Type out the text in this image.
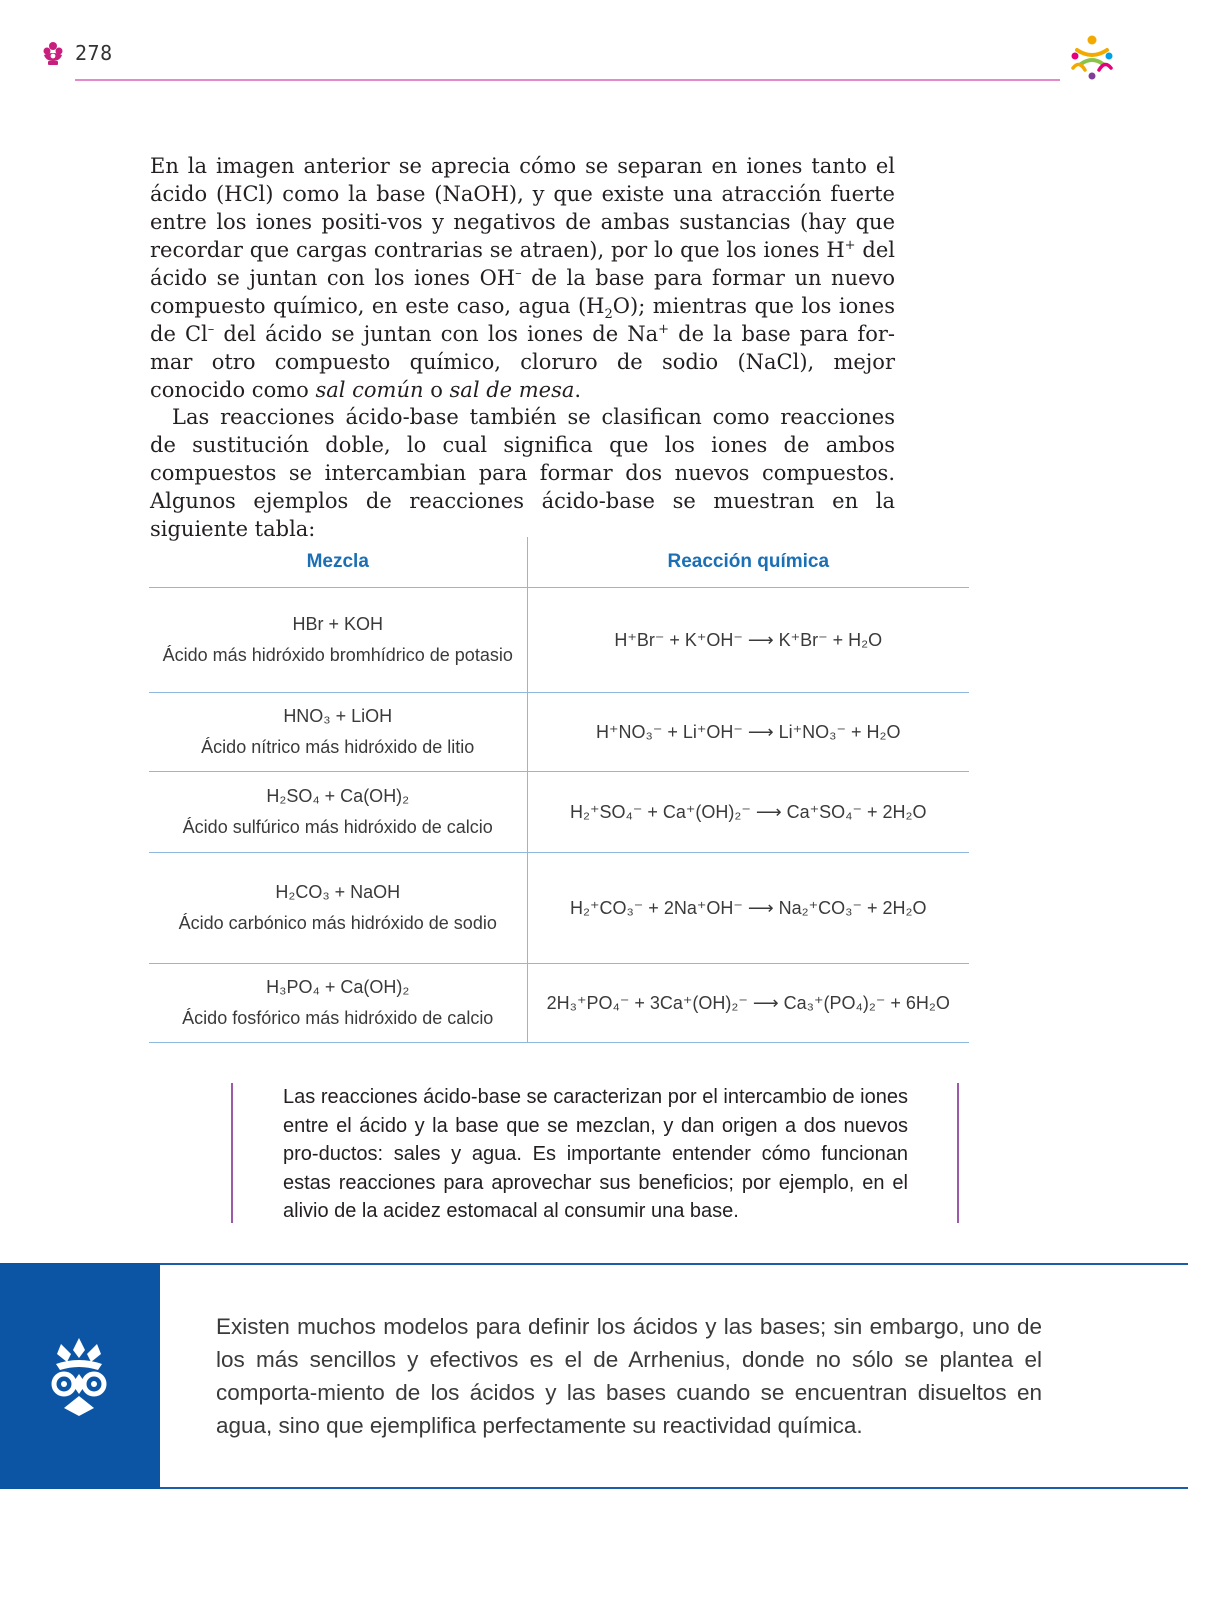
278
En la imagen anterior se aprecia cómo se separan en iones tanto el ácido (HCl) como la base (NaOH), y que existe una atracción fuerte entre los iones positi-vos y negativos de ambas sustancias (hay que recordar que cargas contrarias se atraen), por lo que los iones H+ del ácido se juntan con los iones OH– de la base para formar un nuevo compuesto químico, en este caso, agua $(H_2O)$; mientras que los iones de Cl– del ácido se juntan con los iones de Na+ de la base para for-mar otro compuesto químico, cloruro de sodio (NaCl), mejor conocido como sal común o sal de mesa.
Las reacciones ácido-base también se clasifican como reacciones de sustitución doble, lo cual significa que los iones de ambos compuestos se intercambian para formar dos nuevos compuestos. Algunos ejemplos de reacciones ácido-base se muestran en la siguiente tabla:
Mezcla	Reacción química

HBr + KOH
Ácido más hidróxido bromhídrico de potasio	H⁺Br⁻ + K⁺OH⁻ ⟶ K⁺Br⁻ + H₂O

HNO₃ + LiOH
Ácido nítrico más hidróxido de litio	H⁺NO₃⁻ + Li⁺OH⁻ ⟶ Li⁺NO₃⁻ + H₂O

H₂SO₄ + Ca(OH)₂
Ácido sulfúrico más hidróxido de calcio	H₂⁺SO₄⁻ + Ca⁺(OH)₂⁻ ⟶ Ca⁺SO₄⁻ + 2H₂O

H₂CO₃ + NaOH
Ácido carbónico más hidróxido de sodio	H₂⁺CO₃⁻ + 2Na⁺OH⁻ ⟶ Na₂⁺CO₃⁻ + 2H₂O

H₃PO₄ + Ca(OH)₂
Ácido fosfórico más hidróxido de calcio	2H₃⁺PO₄⁻ + 3Ca⁺(OH)₂⁻ ⟶ Ca₃⁺(PO₄)₂⁻ + 6H₂O
Las reacciones ácido-base se caracterizan por el intercambio de iones entre el ácido y la base que se mezclan, y dan origen a dos nuevos pro-ductos: sales y agua. Es importante entender cómo funcionan estas reacciones para aprovechar sus beneficios; por ejemplo, en el alivio de la acidez estomacal al consumir una base.
Existen muchos modelos para definir los ácidos y las bases; sin embargo, uno de los más sencillos y efectivos es el de Arrhenius, donde no sólo se plantea el comporta-miento de los ácidos y las bases cuando se encuentran disueltos en agua, sino que ejemplifica perfectamente su reactividad química.
